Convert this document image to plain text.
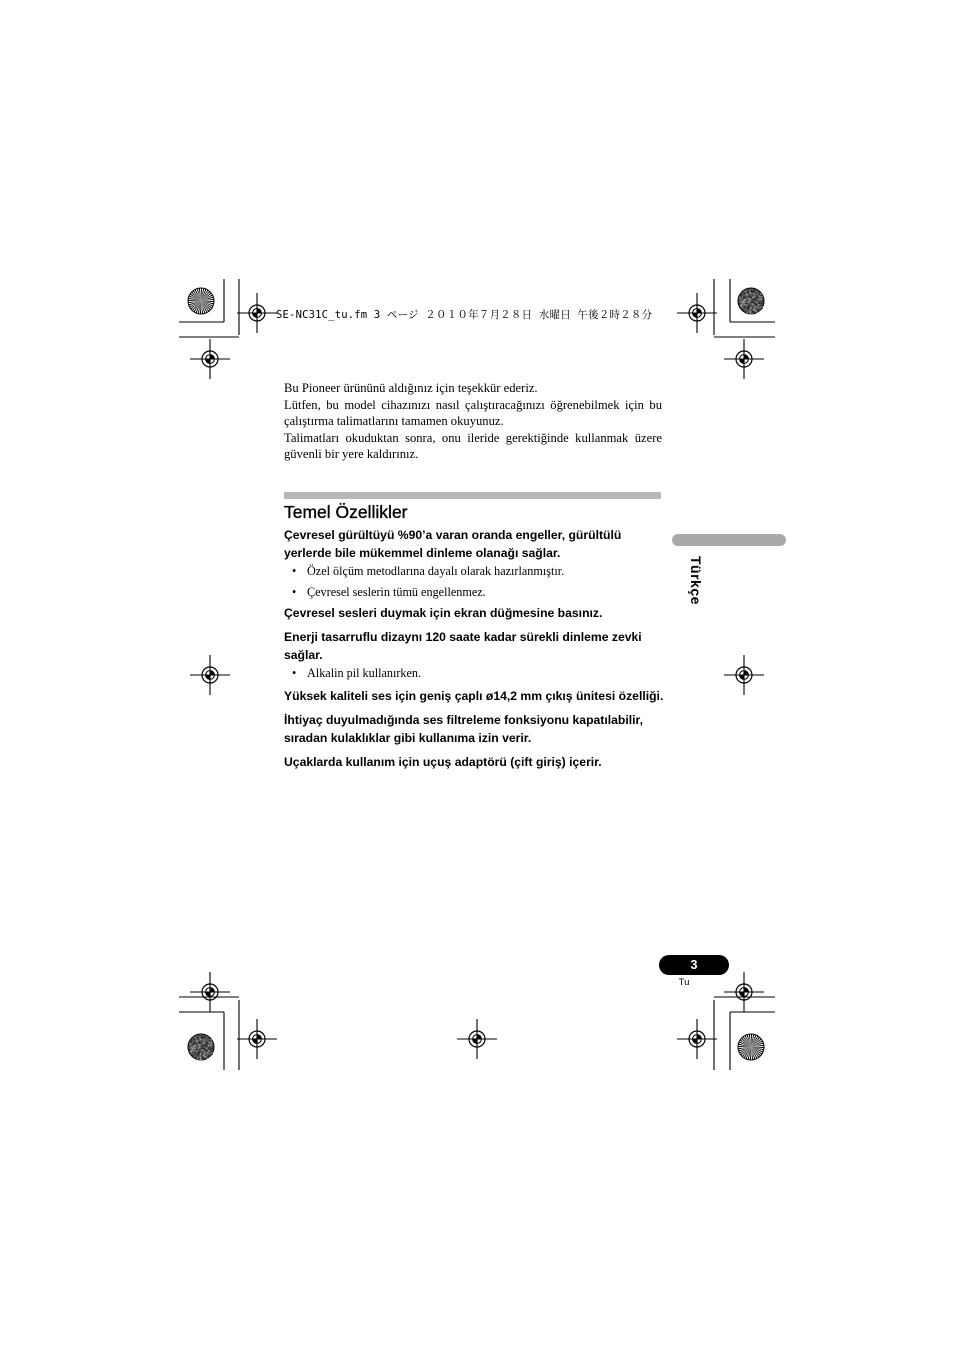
SE-NC31C_tu.fm 3 ページ ２０１０年７月２８日 水曜日 午後２時２８分

Bu Pioneer ürününü aldığınız için teşekkür ederiz.

Lütfen, bu model cihazınızı nasıl çalıştıracağınızı öğrenebilmek için bu çalıştırma talimatlarını tamamen okuyunuz.

Talimatları okuduktan sonra, onu ileride gerektiğinde kullanmak üzere güvenli bir yere kaldırınız.

Temel Özellikler

Çevresel gürültüyü %90’a varan oranda engeller, gürültülü yerlerde bile mükemmel dinleme olanağı sağlar.

• Özel ölçüm metodlarına dayalı olarak hazırlanmıştır.

• Çevresel seslerin tümü engellenmez.

Çevresel sesleri duymak için ekran düğmesine basınız.

Enerji tasarruflu dizaynı 120 saate kadar sürekli dinleme zevki sağlar.

• Alkalin pil kullanırken.

Yüksek kaliteli ses için geniş çaplı ø14,2 mm çıkış ünitesi özelliği.

İhtiyaç duyulmadığında ses filtreleme fonksiyonu kapatılabilir, sıradan kulaklıklar gibi kullanıma izin verir.

Uçaklarda kullanım için uçuş adaptörü (çift giriş) içerir.

Türkçe
3
Tu
